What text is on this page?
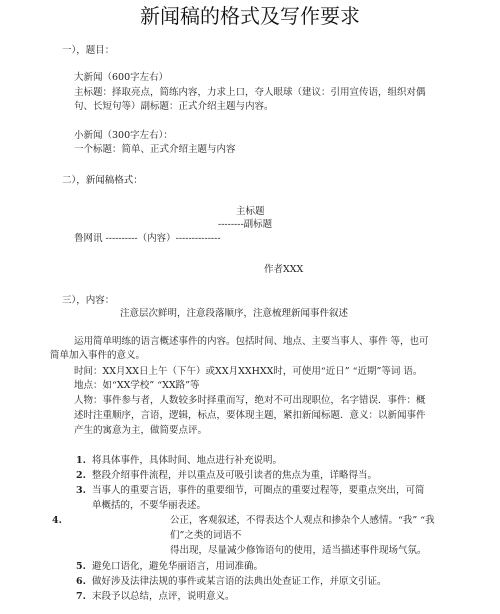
新闻稿的格式及写作要求
一），题目：
大新闻（600字左右）
主标题：择取亮点，简练内容，力求上口，夺人眼球（建议：引用宣传语，组织对偶
句、长短句等）副标题：正式介绍主题与内容。
小新闻（300字左右）：
一个标题：简单、正式介绍主题与内容
二），新闻稿格式：
主标题
--------副标题
鲁网讯 ----------（内容）--------------
作者XXX
三），内容：
注意层次鲜明，注意段落顺序，注意梳理新闻事件叙述
运用简单明练的语言概述事件的内容。包括时间、地点、主要当事人、事件 等，也可
简单加入事件的意义。
时间：XX月XX日上午（下午）或XX月XXHXX时，可使用“近日” “近期”等词 语。
地点：如“XX学校” “XX路”等
人物：事件参与者，人数较多时择重而写，绝对不可出现职位，名字错误．事件：概
述时注重顺序，言语，逻辑，标点，要体现主题，紧扣新闻标题．意义：以新闻事件
产生的寓意为主，做简要点评。
1. 将具体事件，具体时间、地点进行补充说明。
2. 整段介绍事件流程，并以重点及可吸引读者的焦点为重，详略得当。
3. 当事人的重要言语，事件的重要细节，可圈点的重要过程等，要重点突出，可简
单概括的，不要华丽表述。
4.	公正，客观叙述，不得表达个人观点和掺杂个人感情。“我” “我
们”之类的词语不
得出现，尽量减少修饰语句的使用，适当描述事件现场气氛。
5. 避免口语化，避免华丽语言，用词准确。
6. 做好涉及法律法规的事件或某言语的法典出处查证工作，并原文引证。
7. 末段予以总结，点评，说明意义。
